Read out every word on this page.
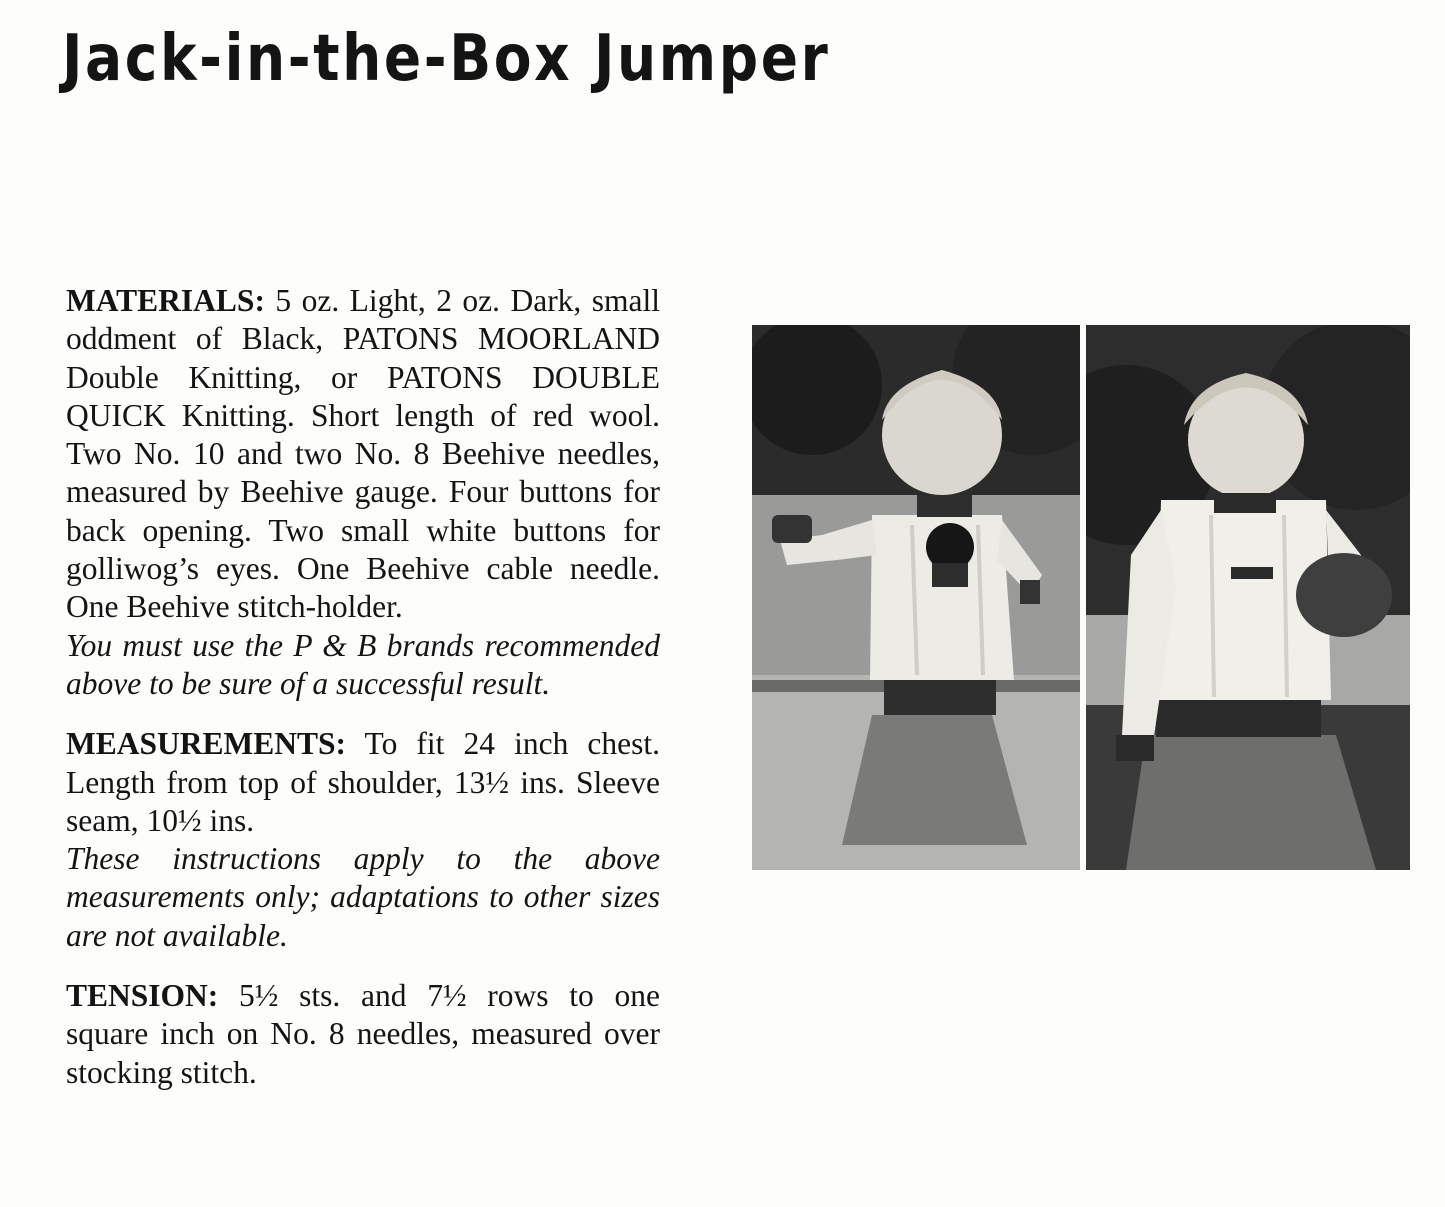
Jack-in-the-Box Jumper

MATERIALS: 5 oz. Light, 2 oz. Dark, small oddment of Black, PATONS MOORLAND Double Knitting, or PATONS DOUBLE QUICK Knitting. Short length of red wool. Two No. 10 and two No. 8 Beehive needles, measured by Beehive gauge. Four buttons for back opening. Two small white buttons for golliwog’s eyes. One Beehive cable needle. One Beehive stitch-holder.

You must use the P & B brands recommended above to be sure of a successful result.

MEASUREMENTS: To fit 24 inch chest. Length from top of shoulder, 13½ ins. Sleeve seam, 10½ ins.

These instructions apply to the above measurements only; adaptations to other sizes are not available.

TENSION: 5½ sts. and 7½ rows to one square inch on No. 8 needles, measured over stocking stitch.
